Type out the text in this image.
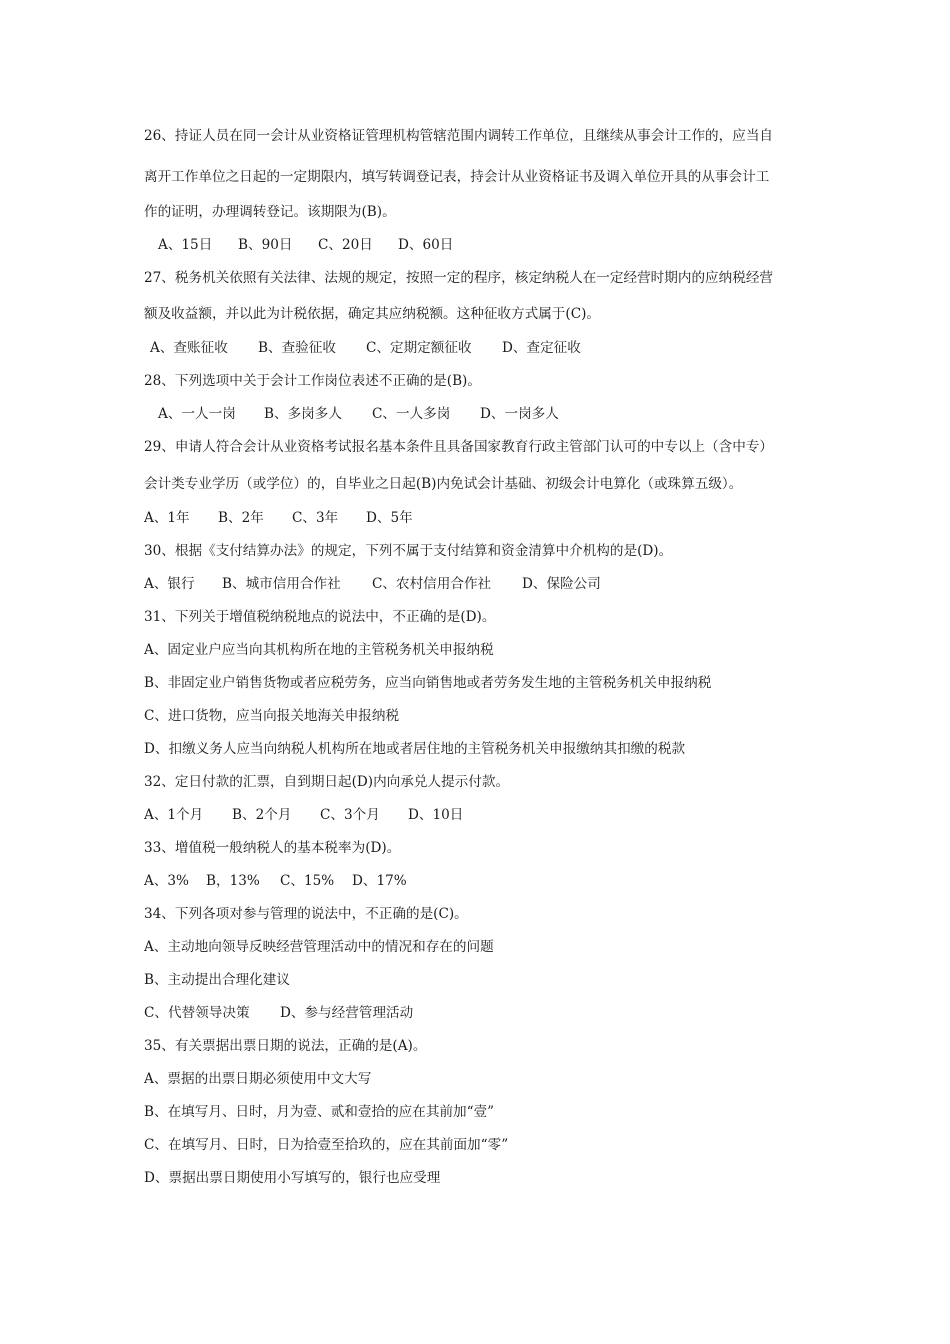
26、持证人员在同一会计从业资格证管理机构管辖范围内调转工作单位，且继续从事会计工作的，应当自
离开工作单位之日起的一定期限内，填写转调登记表，持会计从业资格证书及调入单位开具的从事会计工
作的证明，办理调转登记。该期限为(B)。
A、15日 B、90日 C、20日 D、60日
27、税务机关依照有关法律、法规的规定，按照一定的程序，核定纳税人在一定经营时期内的应纳税经营
额及收益额，并以此为计税依据，确定其应纳税额。这种征收方式属于(C)。
A、查账征收 B、查验征收 C、定期定额征收 D、查定征收
28、下列选项中关于会计工作岗位表述不正确的是(B)。
A、一人一岗 B、多岗多人 C、一人多岗 D、一岗多人
29、申请人符合会计从业资格考试报名基本条件且具备国家教育行政主管部门认可的中专以上（含中专）
会计类专业学历（或学位）的，自毕业之日起(B)内免试会计基础、初级会计电算化（或珠算五级）。
A、1年 B、2年 C、3年 D、5年
30、根据《支付结算办法》的规定，下列不属于支付结算和资金清算中介机构的是(D)。
A、银行 B、城市信用合作社 C、农村信用合作社 D、保险公司
31、下列关于增值税纳税地点的说法中，不正确的是(D)。
A、固定业户应当向其机构所在地的主管税务机关申报纳税
B、非固定业户销售货物或者应税劳务，应当向销售地或者劳务发生地的主管税务机关申报纳税
C、进口货物，应当向报关地海关申报纳税
D、扣缴义务人应当向纳税人机构所在地或者居住地的主管税务机关申报缴纳其扣缴的税款
32、定日付款的汇票，自到期日起(D)内向承兑人提示付款。
A、1个月 B、2个月 C、3个月 D、10日
33、增值税一般纳税人的基本税率为(D)。
A、3% B，13% C、15% D、17%
34、下列各项对参与管理的说法中，不正确的是(C)。
A、主动地向领导反映经营管理活动中的情况和存在的问题
B、主动提出合理化建议
C、代替领导决策 D、参与经营管理活动
35、有关票据出票日期的说法，正确的是(A)。
A、票据的出票日期必须使用中文大写
B、在填写月、日时，月为壹、贰和壹拾的应在其前加“壹”
C、在填写月、日时，日为拾壹至拾玖的，应在其前面加“零”
D、票据出票日期使用小写填写的，银行也应受理
